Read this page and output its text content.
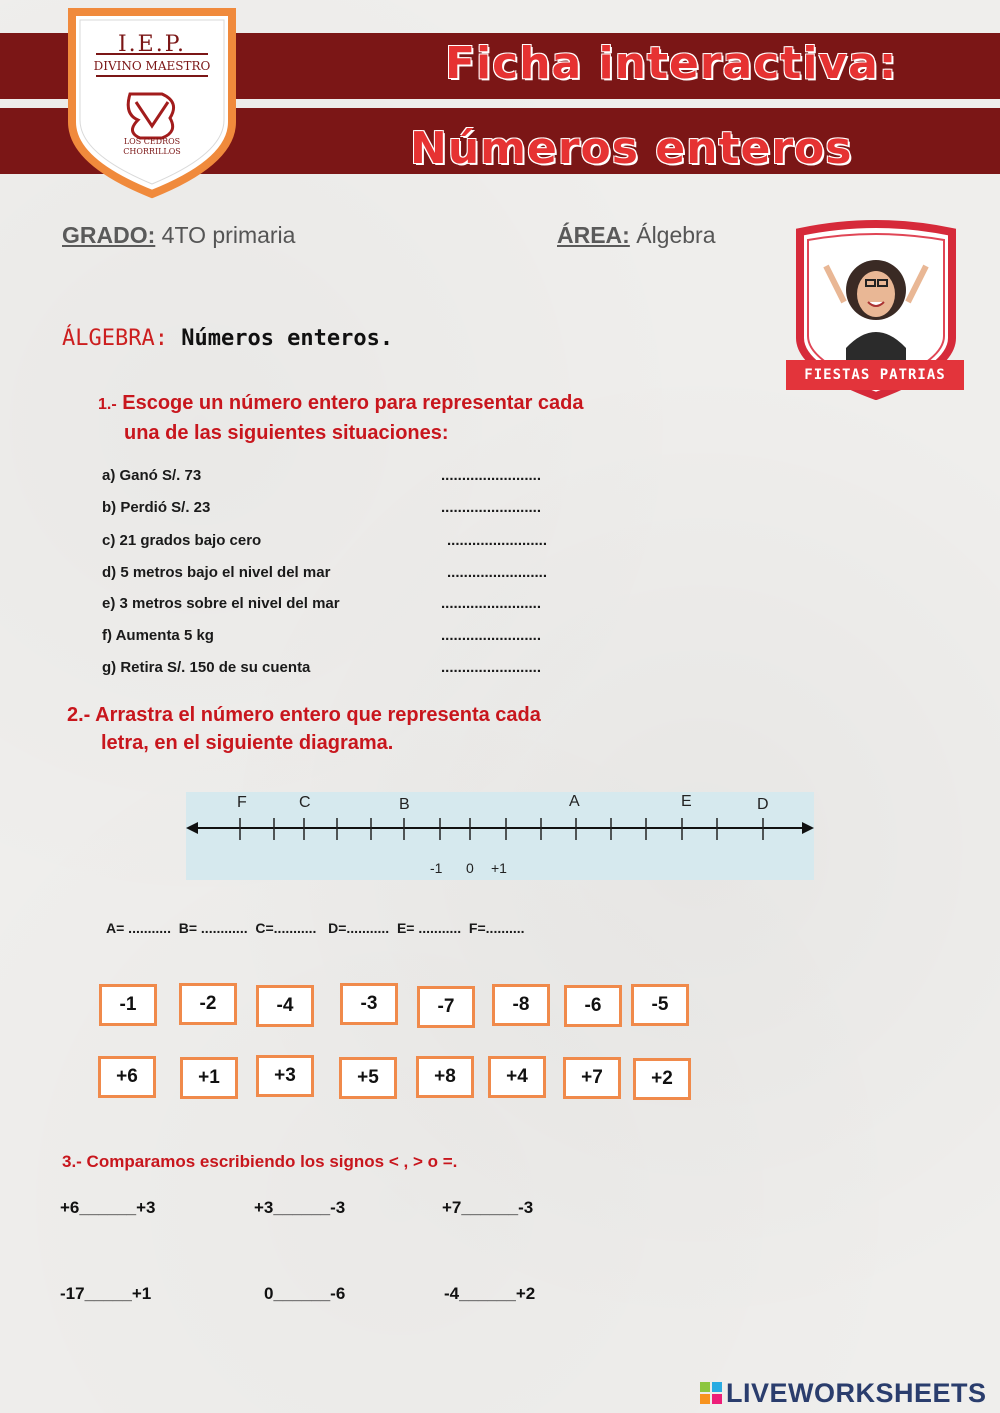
Ficha interactiva:
Números enteros
I.E.P.
DIVINO MAESTRO
LOS CEDROS
CHORRILLOS
GRADO: 4TO primaria	ÁREA: Álgebra
FIESTAS PATRIAS
ÁLGEBRA: Números enteros.
1.- Escoge un número entero para representar cada
una de las siguientes situaciones:
a) Ganó S/. 73	........................
b) Perdió S/. 23	........................
c) 21 grados bajo cero	........................
d) 5 metros bajo el nivel del mar	........................
e) 3 metros sobre el nivel del mar	........................
f) Aumenta 5 kg	........................
g) Retira S/. 150 de su cuenta	........................
2.- Arrastra el número entero que representa cada
letra, en el siguiente diagrama.
F	C	B	A	E	D
-1 0 +1
A= ...........  B= ............  C=...........   D=...........  E= ...........  F=..........
-1	-2	-4	-3	-7	-8	-6	-5
+6	+1	+3	+5	+8	+4	+7	+2
3.- Comparamos escribiendo los signos < , > o =.
+6______+3	+3______-3	+7______-3
-17_____+1	0______-6	-4______+2
LIVEWORKSHEETS
